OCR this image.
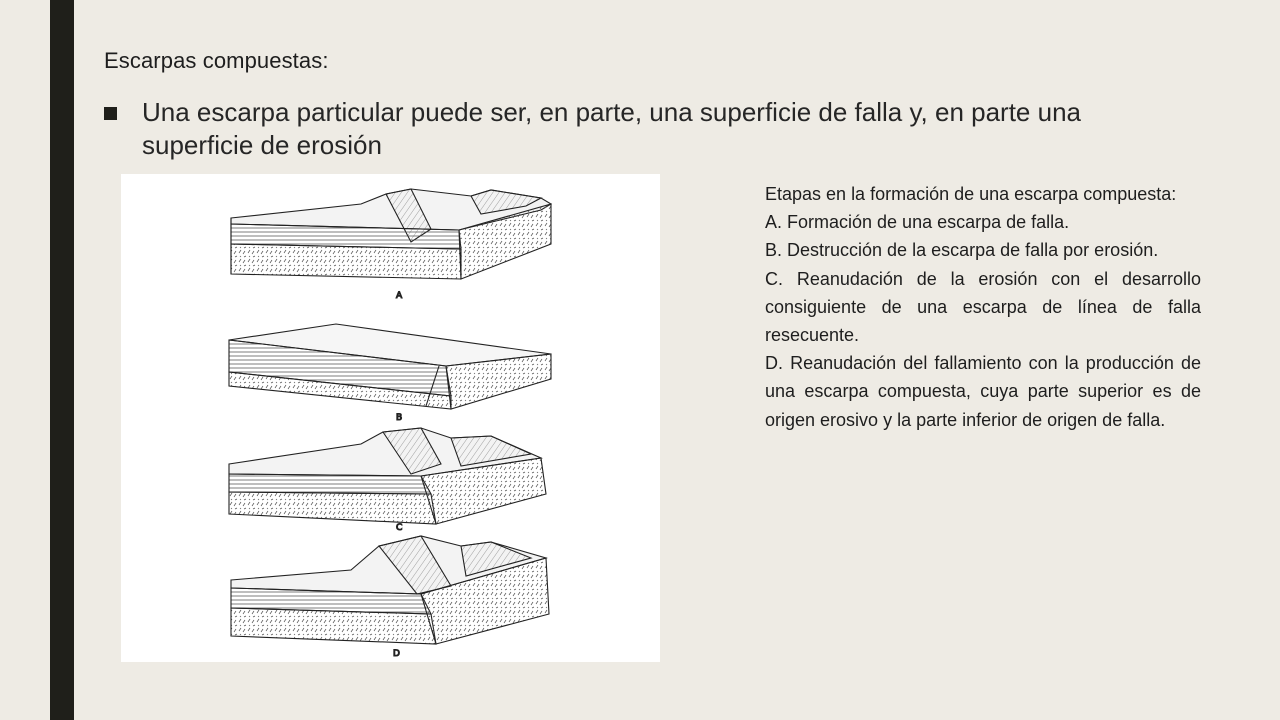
Escarpas compuestas:
Una escarpa particular puede ser, en parte, una superficie de falla y, en parte una superficie de erosión
A
B
C
D

Etapas en la formación de una escarpa compuesta:

A. Formación de una escarpa de falla.

B. Destrucción de la escarpa de falla por erosión.

C. Reanudación de la erosión con el desarrollo consiguiente de una escarpa de línea de falla resecuente.

D. Reanudación del fallamiento con la producción de una escarpa compuesta, cuya parte superior es de origen erosivo y la parte inferior de origen de falla.
